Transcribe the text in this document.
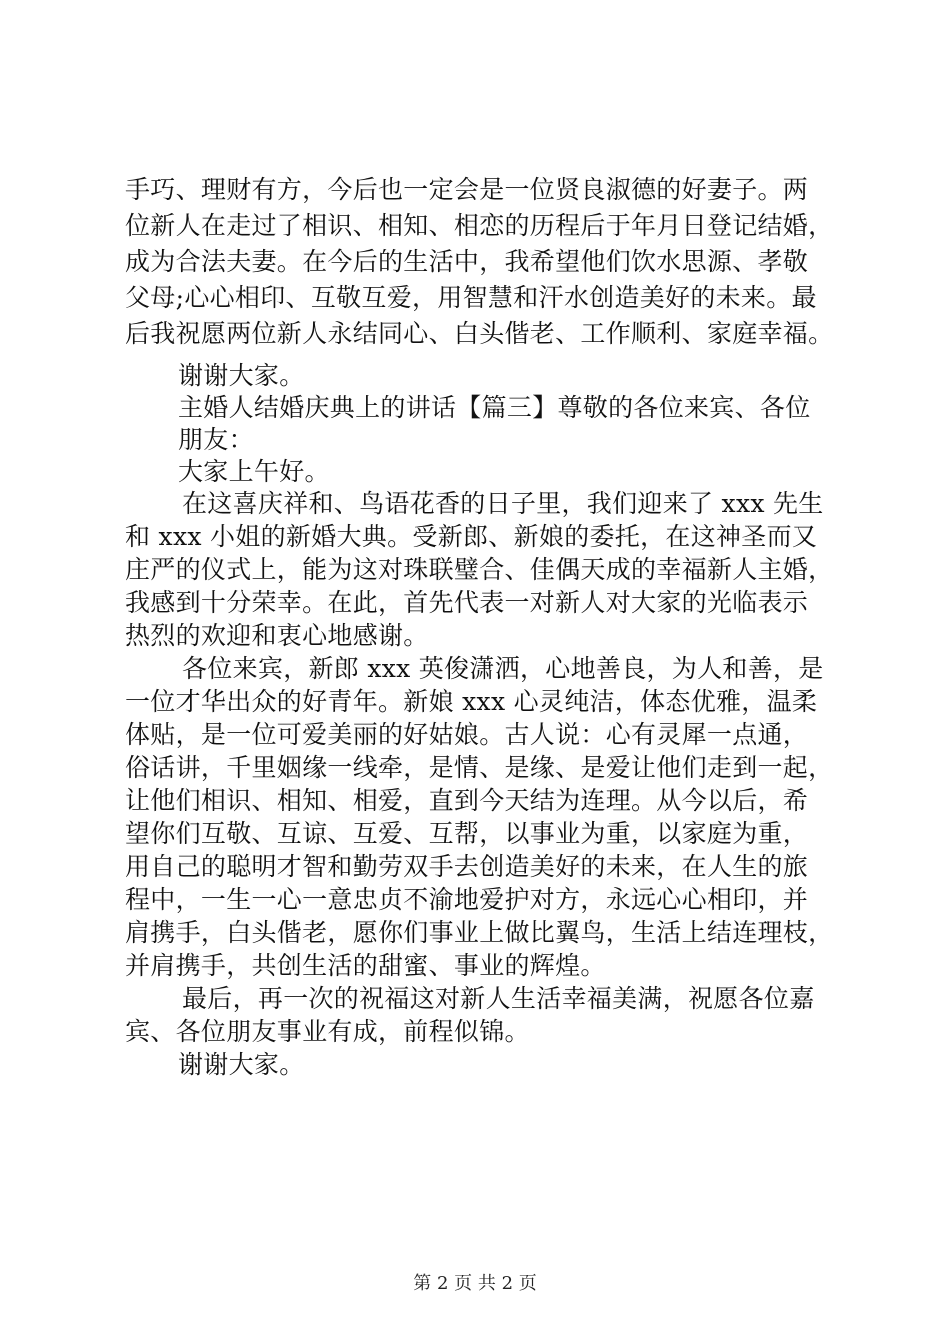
手巧、理财有方，今后也一定会是一位贤良淑德的好妻子。两
位新人在走过了相识、相知、相恋的历程后于年月日登记结婚，
成为合法夫妻。在今后的生活中，我希望他们饮水思源、孝敬
父母;心心相印、互敬互爱，用智慧和汗水创造美好的未来。最
后我祝愿两位新人永结同心、白头偕老、工作顺利、家庭幸福。
谢谢大家。
主婚人结婚庆典上的讲话【篇三】尊敬的各位来宾、各位
朋友：
大家上午好。
在这喜庆祥和、鸟语花香的日子里，我们迎来了 xxx 先生
和 xxx 小姐的新婚大典。受新郎、新娘的委托，在这神圣而又
庄严的仪式上，能为这对珠联璧合、佳偶天成的幸福新人主婚，
我感到十分荣幸。在此，首先代表一对新人对大家的光临表示
热烈的欢迎和衷心地感谢。
各位来宾，新郎 xxx 英俊潇洒，心地善良，为人和善，是
一位才华出众的好青年。新娘 xxx 心灵纯洁，体态优雅，温柔
体贴，是一位可爱美丽的好姑娘。古人说：心有灵犀一点通，
俗话讲，千里姻缘一线牵，是情、是缘、是爱让他们走到一起，
让他们相识、相知、相爱，直到今天结为连理。从今以后，希
望你们互敬、互谅、互爱、互帮，以事业为重，以家庭为重，
用自己的聪明才智和勤劳双手去创造美好的未来，在人生的旅
程中，一生一心一意忠贞不渝地爱护对方，永远心心相印，并
肩携手，白头偕老，愿你们事业上做比翼鸟，生活上结连理枝，
并肩携手，共创生活的甜蜜、事业的辉煌。
最后，再一次的祝福这对新人生活幸福美满，祝愿各位嘉
宾、各位朋友事业有成，前程似锦。
谢谢大家。
第 2 页 共 2 页
